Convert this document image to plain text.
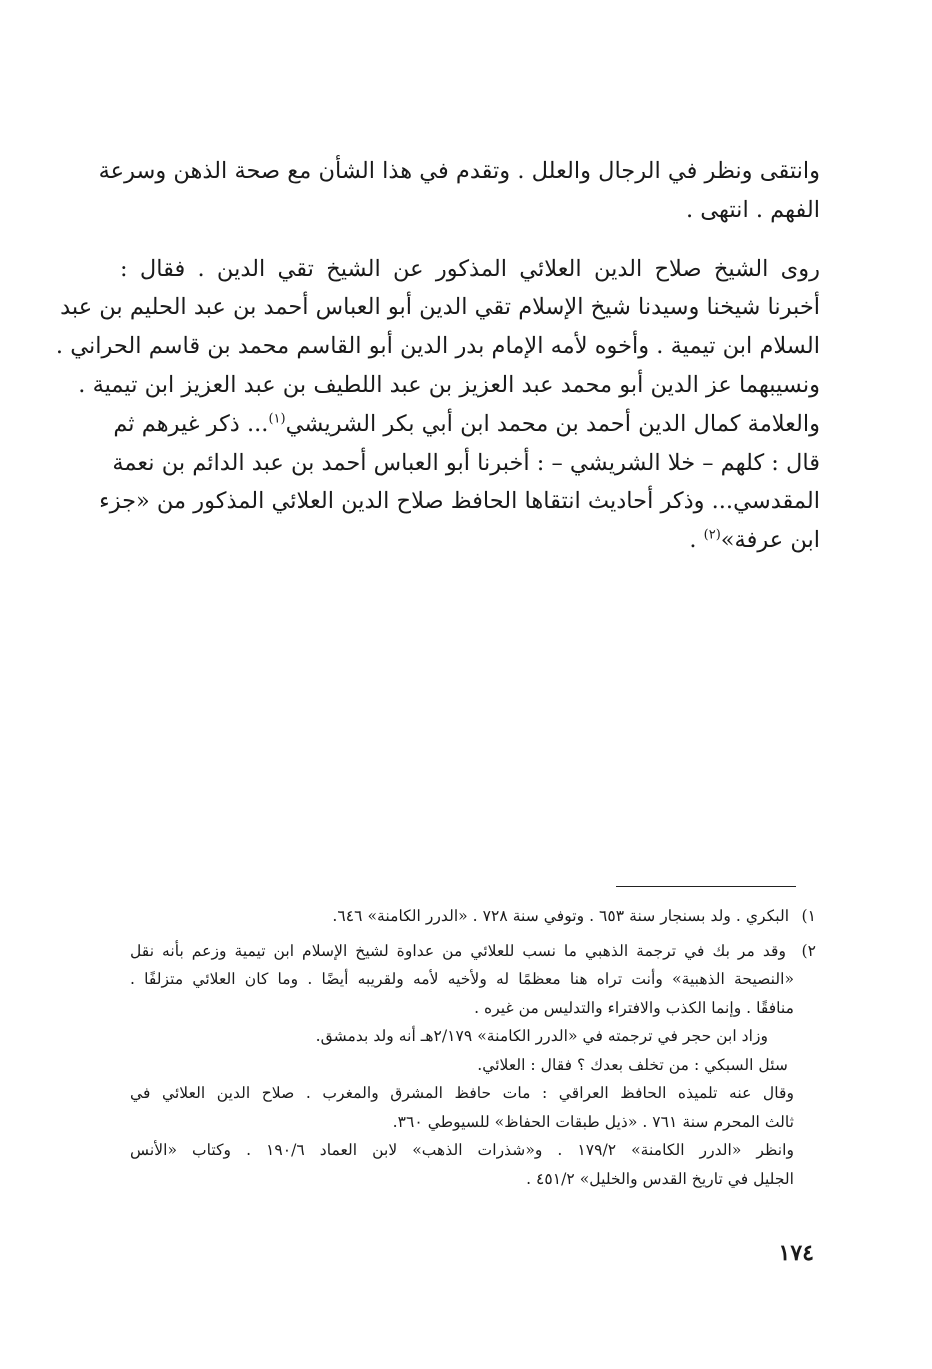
وانتقى ونظر في الرجال والعلل . وتقدم في هذا الشأن مع صحة الذهن وسرعة
الفهم . انتهى .
روى الشيخ صلاح الدين العلائي المذكور عن الشيخ تقي الدين . فقال :
أخبرنا شيخنا وسيدنا شيخ الإسلام تقي الدين أبو العباس أحمد بن عبد الحليم بن عبد
السلام ابن تيمية . وأخوه لأمه الإمام بدر الدين أبو القاسم محمد بن قاسم الحراني .
ونسيبهما عز الدين أبو محمد عبد العزيز بن عبد اللطيف بن عبد العزيز ابن تيمية .
والعلامة كمال الدين أحمد بن محمد ابن أبي بكر الشريشي$^{(١)}$... ذكر غيرهم ثم
قال : كلهم – خلا الشريشي – : أخبرنا أبو العباس أحمد بن عبد الدائم بن نعمة
المقدسي... وذكر أحاديث انتقاها الحافظ صلاح الدين العلائي المذكور من «جزء
ابن عرفة»$^{(٢)}$ .
١) البكري . ولد بسنجار سنة ٦٥٣ . وتوفي سنة ٧٢٨ . «الدرر الكامنة» ٦٤٦.
٢) وقد مر بك في ترجمة الذهبي ما نسب للعلائي من عداوة لشيخ الإسلام ابن تيمية وزعم بأنه نقل
«النصيحة الذهبية» وأنت تراه هنا معظمًا له ولأخيه لأمه ولقريبه أيضًا . وما كان العلائي متزلفًا .
منافقًا . وإنما الكذب والافتراء والتدليس من غيره .
وزاد ابن حجر في ترجمته في «الدرر الكامنة» ٢/١٧٩هـ أنه ولد بدمشق.
سئل السبكي : من تخلف بعدك ؟ فقال : العلائي.
وقال عنه تلميذه الحافظ العراقي : مات حافظ المشرق والمغرب . صلاح الدين العلائي في
ثالث المحرم سنة ٧٦١ . «ذيل طبقات الحفاظ» للسيوطي ٣٦٠.
وانظر «الدرر الكامنة» ١٧٩/٢ . و«شذرات الذهب» لابن العماد ١٩٠/٦ . وكتاب «الأنس
الجليل في تاريخ القدس والخليل» ٤٥١/٢ .
١٧٤
